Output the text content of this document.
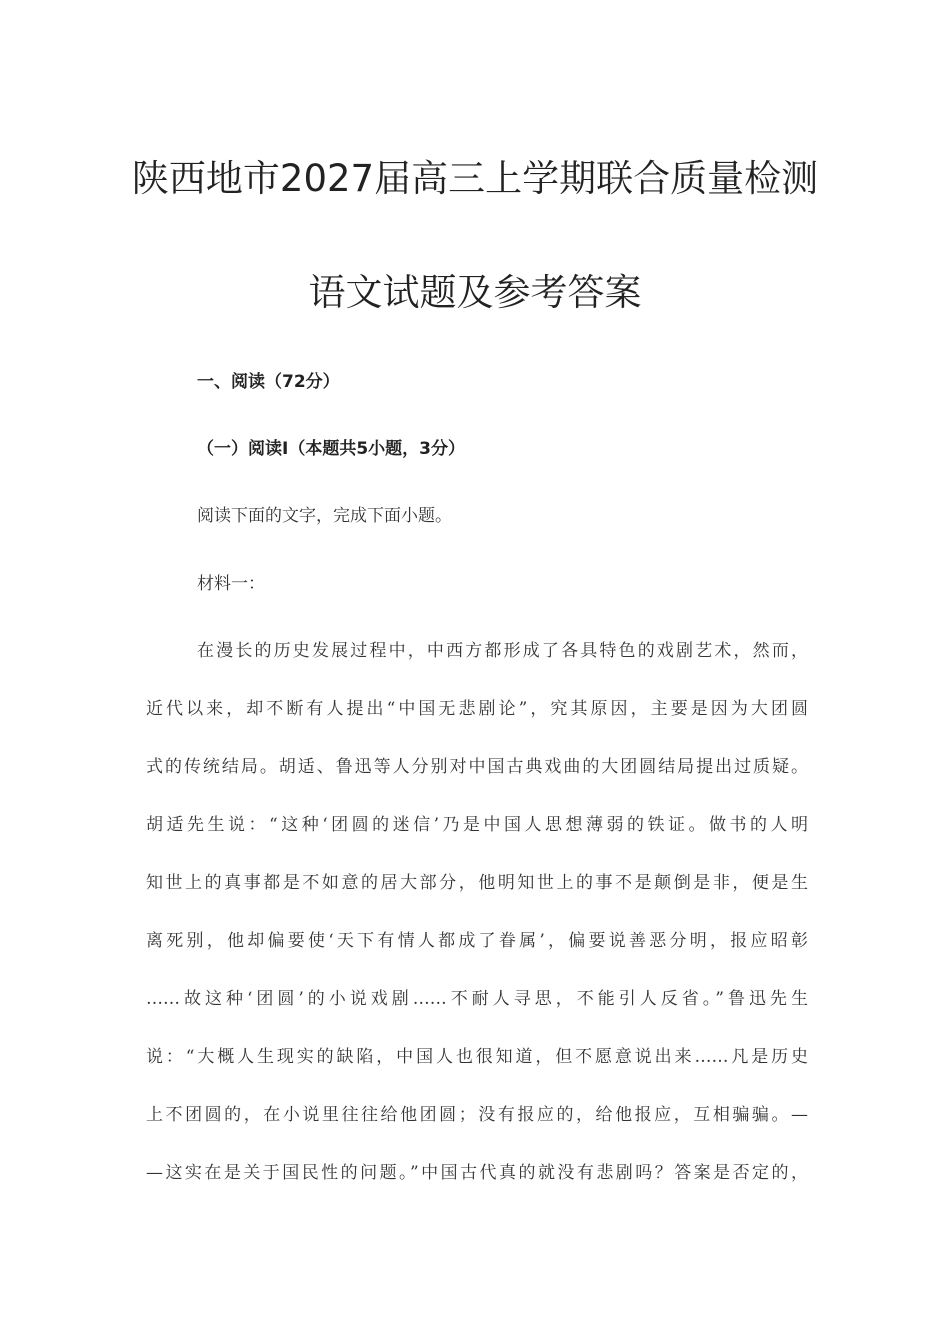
陕西地市2027届高三上学期联合质量检测
语文试题及参考答案
一、阅读（72分）
（一）阅读I（本题共5小题，3分）
阅读下面的文字，完成下面小题。
材料一：
在漫长的历史发展过程中，中西方都形成了各具特色的戏剧艺术，然而，
近代以来，却不断有人提出“中国无悲剧论”，究其原因，主要是因为大团圆
式的传统结局。胡适、鲁迅等人分别对中国古典戏曲的大团圆结局提出过质疑。
胡适先生说：“这种‘团圆的迷信’乃是中国人思想薄弱的铁证。做书的人明
知世上的真事都是不如意的居大部分，他明知世上的事不是颠倒是非，便是生
离死别，他却偏要使‘天下有情人都成了眷属’，偏要说善恶分明，报应昭彰
……故这种‘团圆’的小说戏剧……不耐人寻思，不能引人反省。”鲁迅先生
说：“大概人生现实的缺陷，中国人也很知道，但不愿意说出来……凡是历史
上不团圆的，在小说里往往给他团圆；没有报应的，给他报应，互相骗骗。—
—这实在是关于国民性的问题。”中国古代真的就没有悲剧吗？答案是否定的，
